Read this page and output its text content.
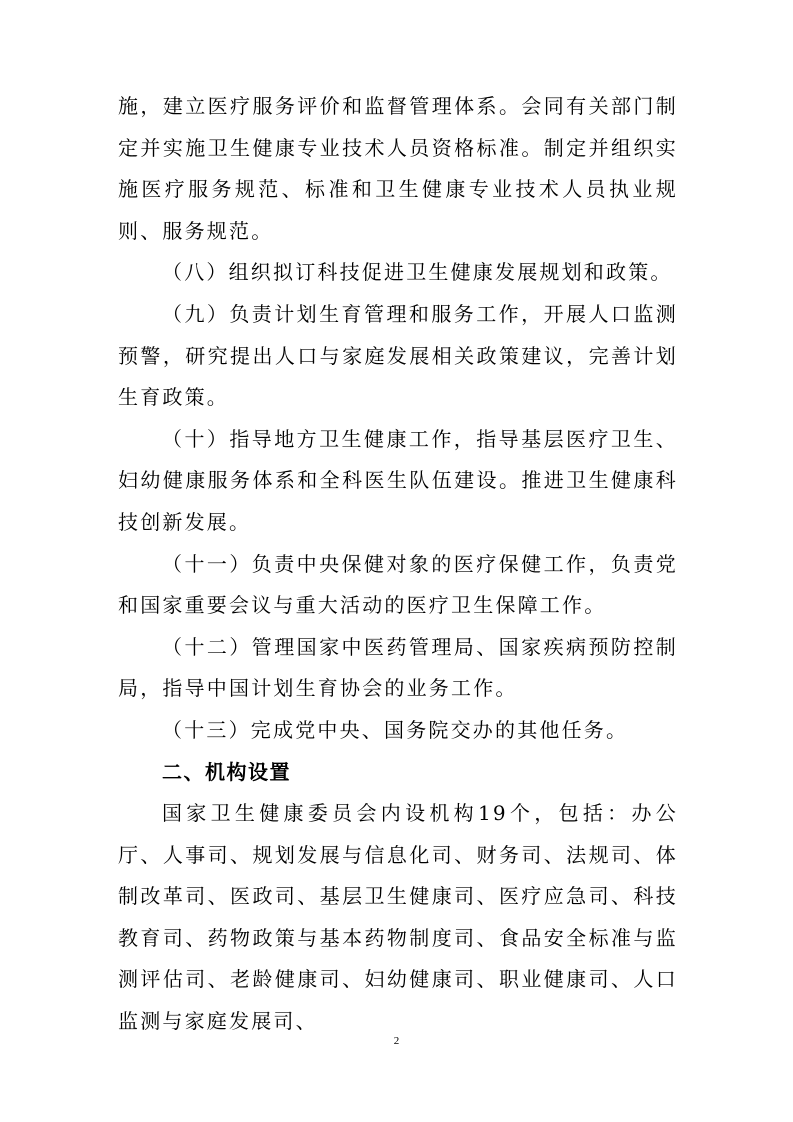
施，建立医疗服务评价和监督管理体系。会同有关部门制定并实施卫生健康专业技术人员资格标准。制定并组织实施医疗服务规范、标准和卫生健康专业技术人员执业规则、服务规范。

（八）组织拟订科技促进卫生健康发展规划和政策。

（九）负责计划生育管理和服务工作，开展人口监测预警，研究提出人口与家庭发展相关政策建议，完善计划生育政策。

（十）指导地方卫生健康工作，指导基层医疗卫生、妇幼健康服务体系和全科医生队伍建设。推进卫生健康科技创新发展。

（十一）负责中央保健对象的医疗保健工作，负责党和国家重要会议与重大活动的医疗卫生保障工作。

（十二）管理国家中医药管理局、国家疾病预防控制局，指导中国计划生育协会的业务工作。

（十三）完成党中央、国务院交办的其他任务。

二、机构设置

国家卫生健康委员会内设机构19个，包括：办公厅、人事司、规划发展与信息化司、财务司、法规司、体制改革司、医政司、基层卫生健康司、医疗应急司、科技教育司、药物政策与基本药物制度司、食品安全标准与监测评估司、老龄健康司、妇幼健康司、职业健康司、人口监测与家庭发展司、

2
